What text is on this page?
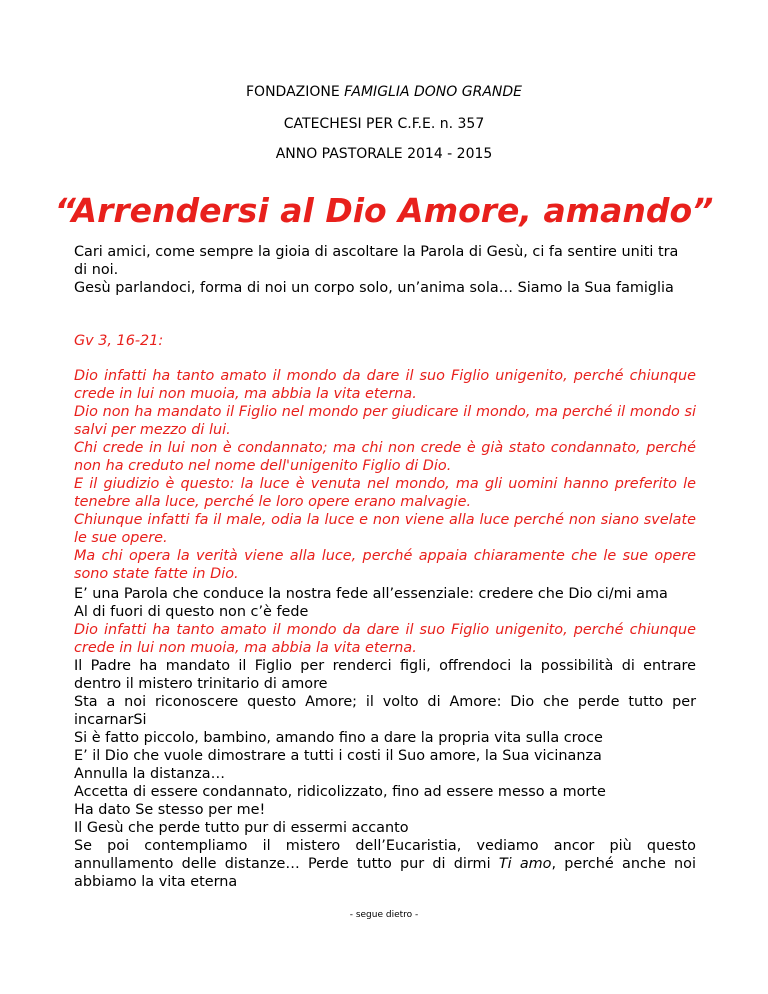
FONDAZIONE FAMIGLIA DONO GRANDE
CATECHESI PER C.F.E. n. 357
ANNO PASTORALE 2014 - 2015
“Arrendersi al Dio Amore, amando”
Cari amici, come sempre la gioia di ascoltare la Parola di Gesù, ci fa sentire uniti tra di noi.
Gesù parlandoci, forma di noi un corpo solo, un’anima sola… Siamo la Sua famiglia
Gv 3, 16-21:
Dio infatti ha tanto amato il mondo da dare il suo Figlio unigenito, perché chiunque crede in lui non muoia, ma abbia la vita eterna.
Dio non ha mandato il Figlio nel mondo per giudicare il mondo, ma perché il mondo si salvi per mezzo di lui.
Chi crede in lui non è condannato; ma chi non crede è già stato condannato, perché non ha creduto nel nome dell'unigenito Figlio di Dio.
E il giudizio è questo: la luce è venuta nel mondo, ma gli uomini hanno preferito le tenebre alla luce, perché le loro opere erano malvagie.
Chiunque infatti fa il male, odia la luce e non viene alla luce perché non siano svelate le sue opere.
Ma chi opera la verità viene alla luce, perché appaia chiaramente che le sue opere sono state fatte in Dio.
E’ una Parola che conduce la nostra fede all’essenziale: credere che Dio ci/mi ama
Al di fuori di questo non c’è fede
Dio infatti ha tanto amato il mondo da dare il suo Figlio unigenito, perché chiunque crede in lui non muoia, ma abbia la vita eterna.
Il Padre ha mandato il Figlio per renderci figli, offrendoci la possibilità di entrare dentro il mistero trinitario di amore
Sta a noi riconoscere questo Amore; il volto di Amore: Dio che perde tutto per incarnarSi
Si è fatto piccolo, bambino, amando fino a dare la propria vita sulla croce
E’ il Dio che vuole dimostrare a tutti i costi il Suo amore, la Sua vicinanza
Annulla la distanza…
Accetta di essere condannato, ridicolizzato, fino ad essere messo a morte
Ha dato Se stesso per me!
Il Gesù che perde tutto pur di essermi accanto
Se poi contempliamo il mistero dell’Eucaristia, vediamo ancor più questo annullamento delle distanze… Perde tutto pur di dirmi Ti amo, perché anche noi abbiamo la vita eterna
- segue dietro -
